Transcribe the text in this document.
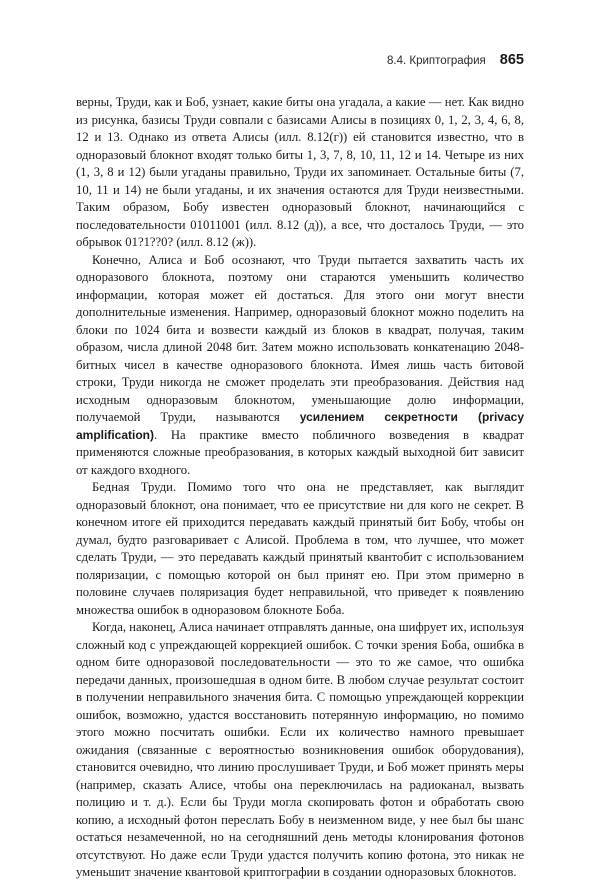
8.4. Криптография 865

верны, Труди, как и Боб, узнает, какие биты она угадала, а какие — нет. Как видно из рисунка, базисы Труди совпали с базисами Алисы в позициях 0, 1, 2, 3, 4, 6, 8, 12 и 13. Однако из ответа Алисы (илл. 8.12(г)) ей становится известно, что в одноразовый блокнот входят только биты 1, 3, 7, 8, 10, 11, 12 и 14. Четыре из них (1, 3, 8 и 12) были угаданы правильно, Труди их запоминает. Остальные биты (7, 10, 11 и 14) не были угаданы, и их значения остаются для Труди неизвестными. Таким образом, Бобу известен одноразовый блокнот, начинающийся с последовательности 01011001 (илл. 8.12 (д)), а все, что досталось Труди, — это обрывок 01?1??0? (илл. 8.12 (ж)).

Конечно, Алиса и Боб осознают, что Труди пытается захватить часть их одноразового блокнота, поэтому они стараются уменьшить количество информации, которая может ей достаться. Для этого они могут внести дополнительные изменения. Например, одноразовый блокнот можно поделить на блоки по 1024 бита и возвести каждый из блоков в квадрат, получая, таким образом, числа длиной 2048 бит. Затем можно использовать конкатенацию 2048-битных чисел в качестве одноразового блокнота. Имея лишь часть битовой строки, Труди никогда не сможет проделать эти преобразования. Действия над исходным одноразовым блокнотом, уменьшающие долю информации, получаемой Труди, называются усилением секретности (privacy amplification). На практике вместо побличного возведения в квадрат применяются сложные преобразования, в которых каждый выходной бит зависит от каждого входного.

Бедная Труди. Помимо того что она не представляет, как выглядит одноразовый блокнот, она понимает, что ее присутствие ни для кого не секрет. В конечном итоге ей приходится передавать каждый принятый бит Бобу, чтобы он думал, будто разговаривает с Алисой. Проблема в том, что лучшее, что может сделать Труди, — это передавать каждый принятый квантобит с использованием поляризации, с помощью которой он был принят ею. При этом примерно в половине случаев поляризация будет неправильной, что приведет к появлению множества ошибок в одноразовом блокноте Боба.

Когда, наконец, Алиса начинает отправлять данные, она шифрует их, используя сложный код с упреждающей коррекцией ошибок. С точки зрения Боба, ошибка в одном бите одноразовой последовательности — это то же самое, что ошибка передачи данных, произошедшая в одном бите. В любом случае результат состоит в получении неправильного значения бита. С помощью упреждающей коррекции ошибок, возможно, удастся восстановить потерянную информацию, но помимо этого можно посчитать ошибки. Если их количество намного превышает ожидания (связанные с вероятностью возникновения ошибок оборудования), становится очевидно, что линию прослушивает Труди, и Боб может принять меры (например, сказать Алисе, чтобы она переключилась на радиоканал, вызвать полицию и т. д.). Если бы Труди могла скопировать фотон и обработать свою копию, а исходный фотон переслать Бобу в неизменном виде, у нее был бы шанс остаться незамеченной, но на сегодняшний день методы клонирования фотонов отсутствуют. Но даже если Труди удастся получить копию фотона, это никак не уменьшит значение квантовой криптографии в создании одноразовых блокнотов.
